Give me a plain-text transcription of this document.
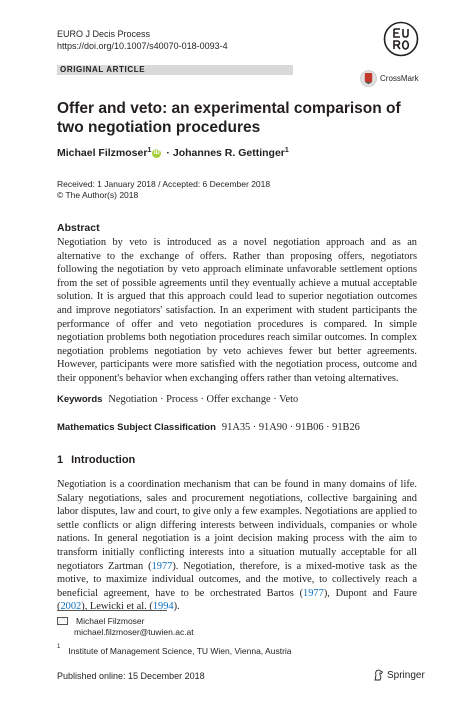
EURO J Decis Process
https://doi.org/10.1007/s40070-018-0093-4
ORIGINAL ARTICLE
CrossMark
Offer and veto: an experimental comparison of two negotiation procedures
Michael Filzmoser$^1$ iD · Johannes R. Gettinger$^1$
Received: 1 January 2018 / Accepted: 6 December 2018
© The Author(s) 2018
Abstract
Negotiation by veto is introduced as a novel negotiation approach and as an alternative to the exchange of offers. Rather than proposing offers, negotiators following the negotiation by veto approach eliminate unfavorable settlement options from the set of possible agreements until they eventually achieve a mutual acceptable solution. It is argued that this approach could lead to superior negotiation outcomes and improve negotiators' satisfaction. In an experiment with student participants the performance of offer and veto negotiation procedures is compared. In simple negotiation problems both negotiation procedures reach similar outcomes. In complex negotiation problems negotiation by veto achieves fewer but better agreements. However, participants were more satisfied with the negotiation process, outcome and their opponent's behavior when exchanging offers rather than vetoing alternatives.
Keywords Negotiation · Process · Offer exchange · Veto
Mathematics Subject Classification 91A35 · 91A90 · 91B06 · 91B26
1 Introduction
Negotiation is a coordination mechanism that can be found in many domains of life. Salary negotiations, sales and procurement negotiations, collective bargaining and labor disputes, law and court, to give only a few examples. Negotiations are applied to settle conflicts or align differing interests between individuals, companies or whole nations. In general negotiation is a joint decision making process with the aim to transform initially conflicting interests into a situation mutually acceptable for all negotiators Zartman (1977). Negotiation, therefore, is a mixed-motive task as the motive, to maximize individual outcomes, and the motive, to collectively reach a beneficial agreement, have to be orchestrated Bartos (1977), Dupont and Faure (2002), Lewicki et al. (1994).
Michael Filzmoser
michael.filzmoser@tuwien.ac.at
$^1$ Institute of Management Science, TU Wien, Vienna, Austria
Published online: 15 December 2018	Springer
